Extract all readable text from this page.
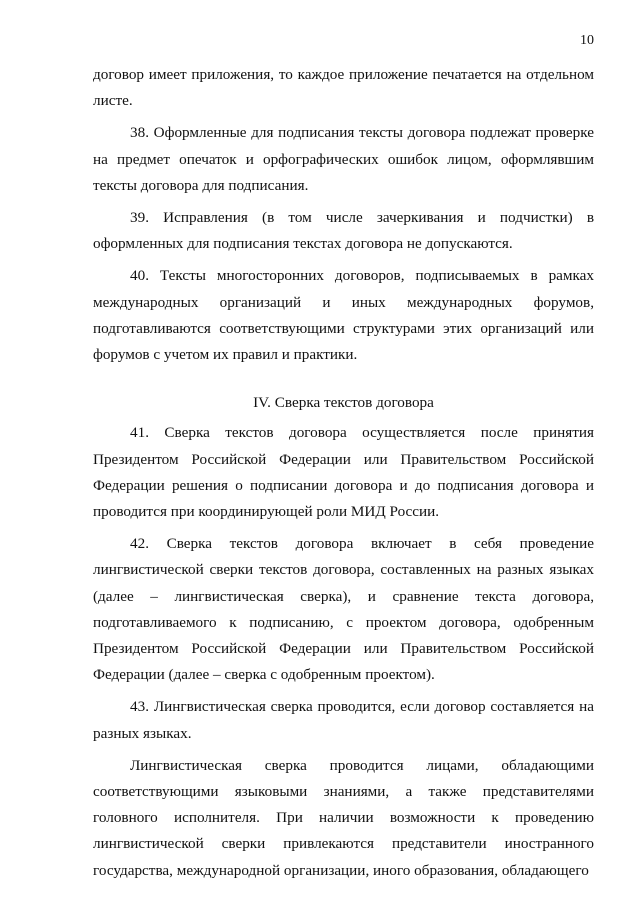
10

договор имеет приложения, то каждое приложение печатается на отдельном листе.

38. Оформленные для подписания тексты договора подлежат проверке на предмет опечаток и орфографических ошибок лицом, оформлявшим тексты договора для подписания.

39. Исправления (в том числе зачеркивания и подчистки) в оформленных для подписания текстах договора не допускаются.

40. Тексты многосторонних договоров, подписываемых в рамках международных организаций и иных международных форумов, подготавливаются соответствующими структурами этих организаций или форумов с учетом их правил и практики.

IV. Сверка текстов договора

41. Сверка текстов договора осуществляется после принятия Президентом Российской Федерации или Правительством Российской Федерации решения о подписании договора и до подписания договора и проводится при координирующей роли МИД России.

42. Сверка текстов договора включает в себя проведение лингвистической сверки текстов договора, составленных на разных языках (далее – лингвистическая сверка), и сравнение текста договора, подготавливаемого к подписанию, с проектом договора, одобренным Президентом Российской Федерации или Правительством Российской Федерации (далее – сверка с одобренным проектом).

43. Лингвистическая сверка проводится, если договор составляется на разных языках.

Лингвистическая сверка проводится лицами, обладающими соответствующими языковыми знаниями, а также представителями головного исполнителя. При наличии возможности к проведению лингвистической сверки привлекаются представители иностранного государства, международной организации, иного образования, обладающего
